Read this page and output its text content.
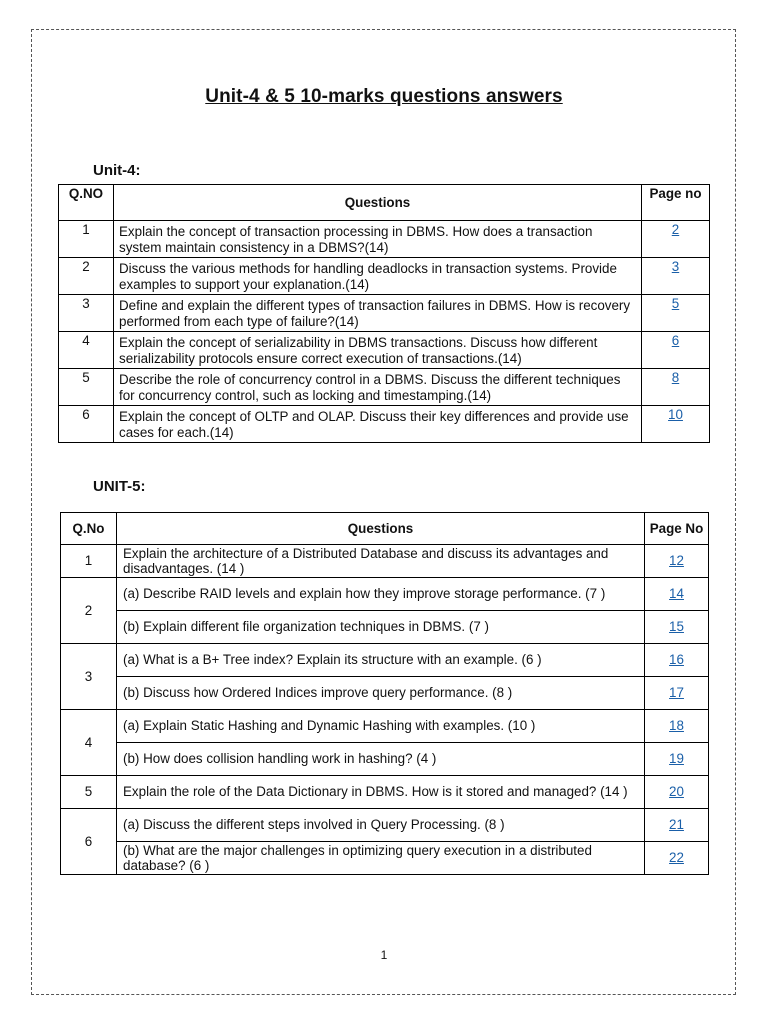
Unit-4 & 5 10-marks questions answers
Unit-4:
Q.NO	Questions	Page no
1	Explain the concept of transaction processing in DBMS. How does a transaction system maintain consistency in a DBMS?(14)	2
2	Discuss the various methods for handling deadlocks in transaction systems. Provide examples to support your explanation.(14)	3
3	Define and explain the different types of transaction failures in DBMS. How is recovery performed from each type of failure?(14)	5
4	Explain the concept of serializability in DBMS transactions. Discuss how different serializability protocols ensure correct execution of transactions.(14)	6
5	Describe the role of concurrency control in a DBMS. Discuss the different techniques for concurrency control, such as locking and timestamping.(14)	8
6	Explain the concept of OLTP and OLAP. Discuss their key differences and provide use cases for each.(14)	10
UNIT-5:
Q.No	Questions	Page No
1	Explain the architecture of a Distributed Database and discuss its advantages and disadvantages. (14 )	12
2	(a) Describe RAID levels and explain how they improve storage performance. (7 )	14
	(b) Explain different file organization techniques in DBMS. (7 )	15
3	(a) What is a B+ Tree index? Explain its structure with an example. (6 )	16
	(b) Discuss how Ordered Indices improve query performance. (8 )	17
4	(a) Explain Static Hashing and Dynamic Hashing with examples. (10 )	18
	(b) How does collision handling work in hashing? (4 )	19
5	Explain the role of the Data Dictionary in DBMS. How is it stored and managed? (14 )	20
6	(a) Discuss the different steps involved in Query Processing. (8 )	21
	(b) What are the major challenges in optimizing query execution in a distributed database? (6 )	22
1
